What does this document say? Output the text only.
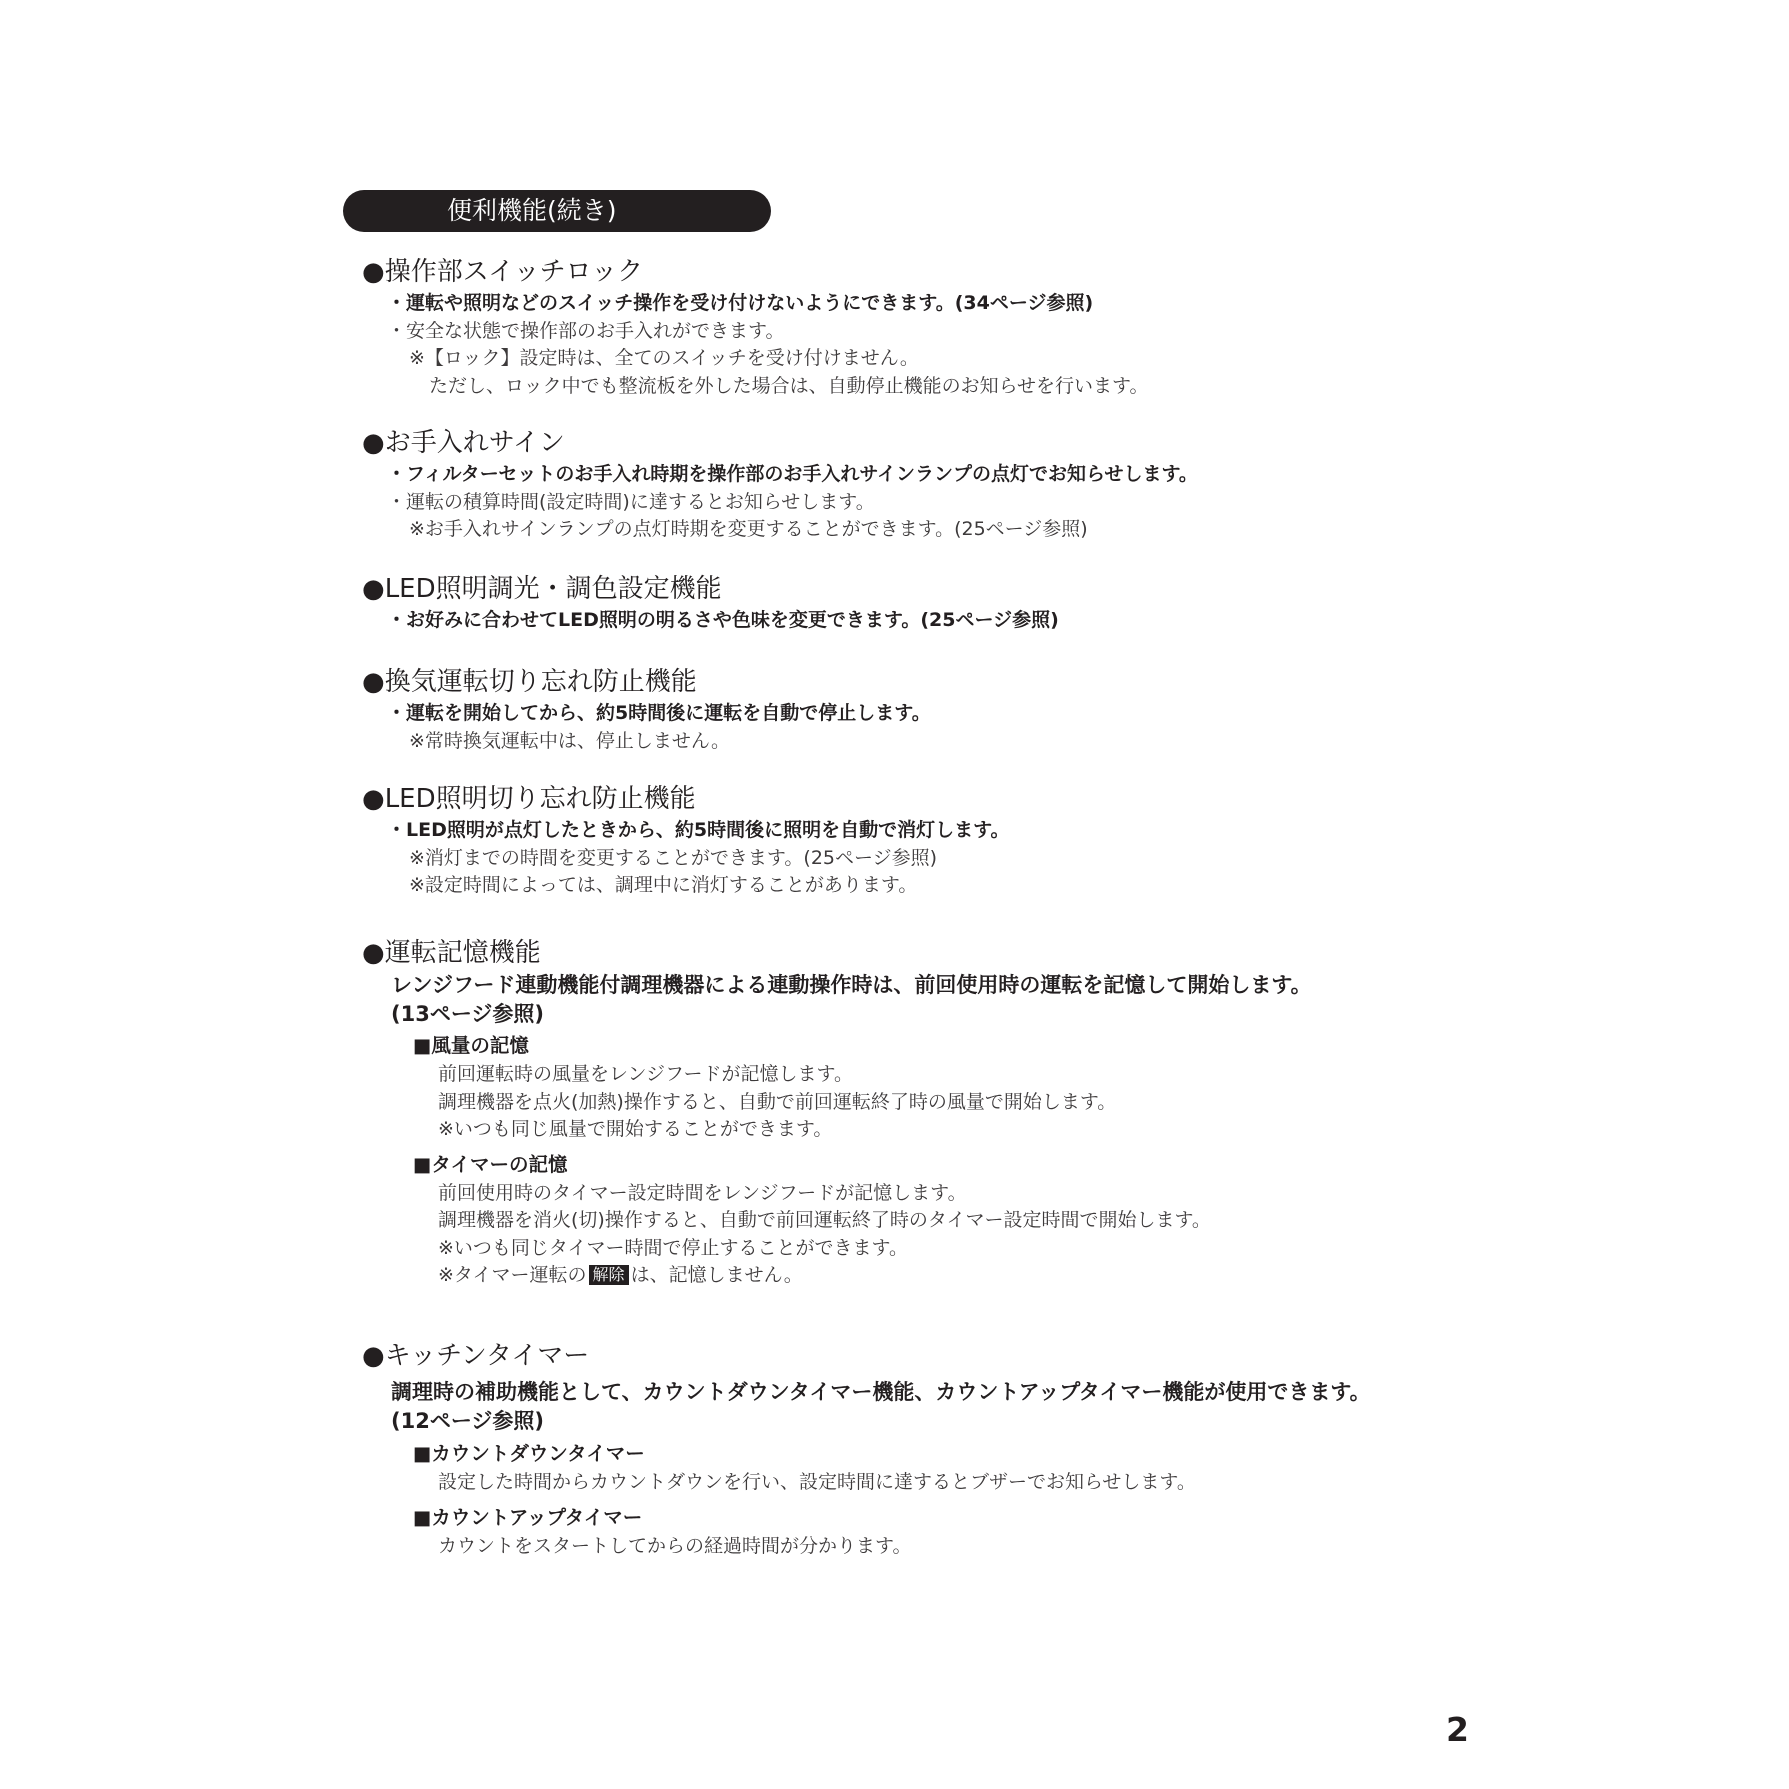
便利機能(続き)
●操作部スイッチロック
・運転や照明などのスイッチ操作を受け付けないようにできます。(34ページ参照)
・安全な状態で操作部のお手入れができます。
※【ロック】設定時は、全てのスイッチを受け付けません。
ただし、ロック中でも整流板を外した場合は、自動停止機能のお知らせを行います。
●お手入れサイン
・フィルターセットのお手入れ時期を操作部のお手入れサインランプの点灯でお知らせします。
・運転の積算時間(設定時間)に達するとお知らせします。
※お手入れサインランプの点灯時期を変更することができます。(25ページ参照)
●LED照明調光・調色設定機能
・お好みに合わせてLED照明の明るさや色味を変更できます。(25ページ参照)
●換気運転切り忘れ防止機能
・運転を開始してから、約5時間後に運転を自動で停止します。
※常時換気運転中は、停止しません。
●LED照明切り忘れ防止機能
・LED照明が点灯したときから、約5時間後に照明を自動で消灯します。
※消灯までの時間を変更することができます。(25ページ参照)
※設定時間によっては、調理中に消灯することがあります。
●運転記憶機能
レンジフード連動機能付調理機器による連動操作時は、前回使用時の運転を記憶して開始します。
(13ページ参照)
■風量の記憶
前回運転時の風量をレンジフードが記憶します。
調理機器を点火(加熱)操作すると、自動で前回運転終了時の風量で開始します。
※いつも同じ風量で開始することができます。
■タイマーの記憶
前回使用時のタイマー設定時間をレンジフードが記憶します。
調理機器を消火(切)操作すると、自動で前回運転終了時のタイマー設定時間で開始します。
※いつも同じタイマー時間で停止することができます。
※タイマー運転の 解除 は、記憶しません。
●キッチンタイマー
調理時の補助機能として、カウントダウンタイマー機能、カウントアップタイマー機能が使用できます。
(12ページ参照)
■カウントダウンタイマー
設定した時間からカウントダウンを行い、設定時間に達するとブザーでお知らせします。
■カウントアップタイマー
カウントをスタートしてからの経過時間が分かります。
2
